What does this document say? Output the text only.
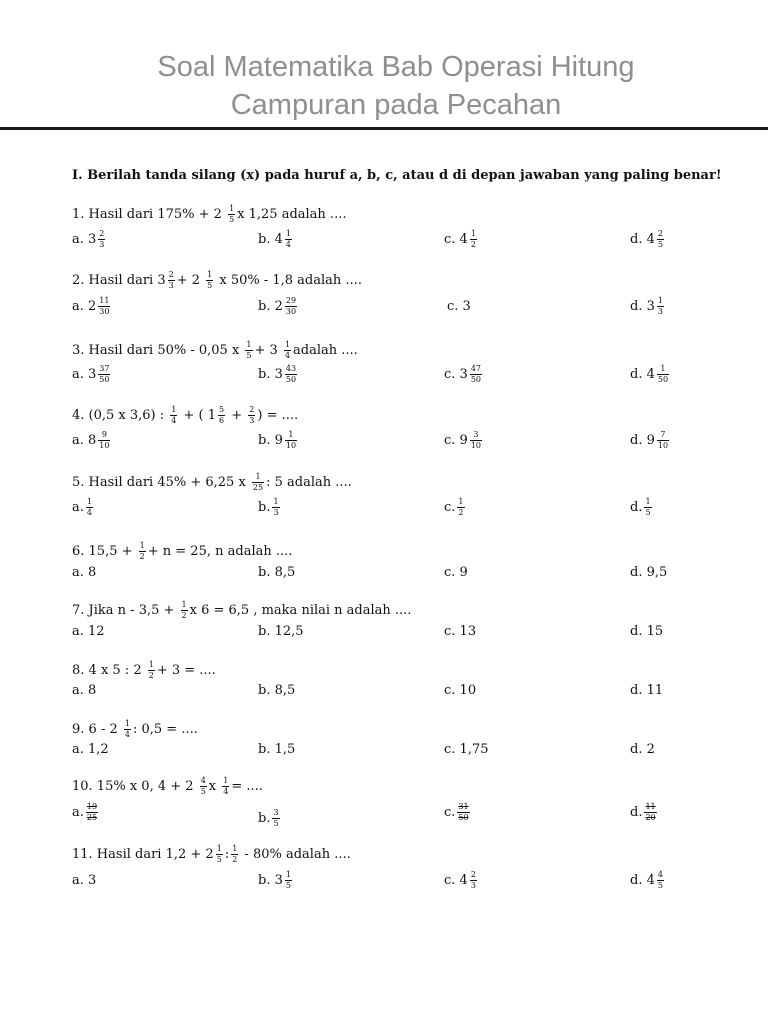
Soal Matematika Bab Operasi Hitung
Campuran pada Pecahan
I. Berilah tanda silang (x) pada huruf a, b, c, atau d di depan jawaban yang paling benar!
1. Hasil dari $175\% + 2 \frac{1}{5}$ x 1,25 adalah ....
a. $3 \frac{2}{3}$	b. $4 \frac{1}{4}$	c. $4 \frac{1}{2}$	d. $4 \frac{2}{5}$
2. Hasil dari $3 \frac{2}{3} + 2 \frac{1}{5}$ x 50% - 1,8 adalah ....
a. $2 \frac{11}{30}$	b. $2 \frac{29}{30}$	c. 3	d. $3 \frac{1}{3}$
3. Hasil dari 50% - 0,05 x $\frac{1}{5} + 3 \frac{1}{4}$ adalah ....
a. $3 \frac{37}{50}$	b. $3 \frac{43}{50}$	c. $3 \frac{47}{50}$	d. $4 \frac{1}{50}$
4. (0,5 x 3,6) : $\frac{1}{4}$ + ( $1 \frac{5}{6} + \frac{2}{3}$ ) = ....
a. $8 \frac{9}{10}$	b. $9 \frac{1}{10}$	c. $9 \frac{3}{10}$	d. $9 \frac{7}{10}$
5. Hasil dari 45% + 6,25 x $\frac{1}{25}$ : 5 adalah ....
a. $\frac{1}{4}$	b. $\frac{1}{3}$	c. $\frac{1}{2}$	d. $\frac{1}{5}$
6. $15,5 + \frac{1}{2} + n = 25$, n adalah ....
a. 8	b. 8,5	c. 9	d. 9,5
7. Jika $n - 3,5 + \frac{1}{2}$ x 6 = 6,5 , maka nilai n adalah ....
a. 12	b. 12,5	c. 13	d. 15
8. 4 x 5 : $2 \frac{1}{2} + 3$ = ....
a. 8	b. 8,5	c. 10	d. 11
9. $6 - 2 \frac{1}{4}$ : 0,5 = ....
a. 1,2	b. 1,5	c. 1,75	d. 2
10. 15% x 0, $4 + 2 \frac{4}{5}$ x $\frac{1}{4}$ = ....
a. $\frac{19}{25}$	b. $\frac{3}{5}$	c. $\frac{31}{50}$	d. $\frac{11}{20}$
11. Hasil dari $1,2 + 2 \frac{1}{5}$ : $\frac{1}{2} - 80\%$ adalah ....
a. 3	b. $3 \frac{1}{5}$	c. $4 \frac{2}{3}$	d. $4 \frac{4}{5}$
